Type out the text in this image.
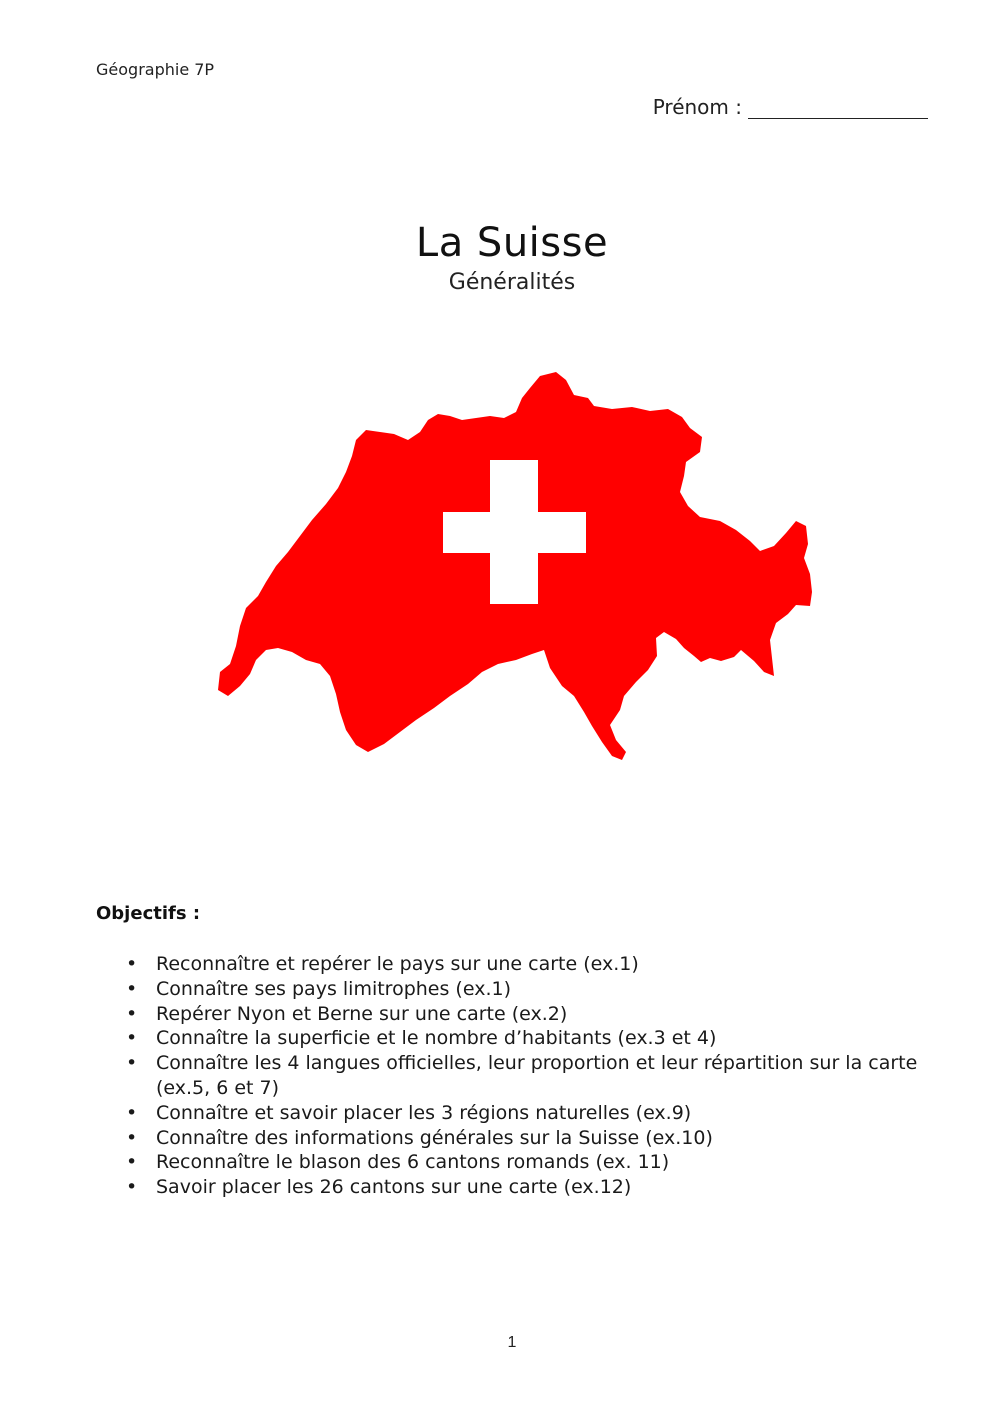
Géographie 7P
Prénom :
La Suisse
Généralités
Objectifs :
• Reconnaître et repérer le pays sur une carte (ex.1)
• Connaître ses pays limitrophes (ex.1)
• Repérer Nyon et Berne sur une carte (ex.2)
• Connaître la superficie et le nombre d’habitants (ex.3 et 4)
• Connaître les 4 langues officielles, leur proportion et leur répartition sur la carte (ex.5, 6 et 7)
• Connaître et savoir placer les 3 régions naturelles (ex.9)
• Connaître des informations générales sur la Suisse (ex.10)
• Reconnaître le blason des 6 cantons romands (ex. 11)
• Savoir placer les 26 cantons sur une carte (ex.12)
1
